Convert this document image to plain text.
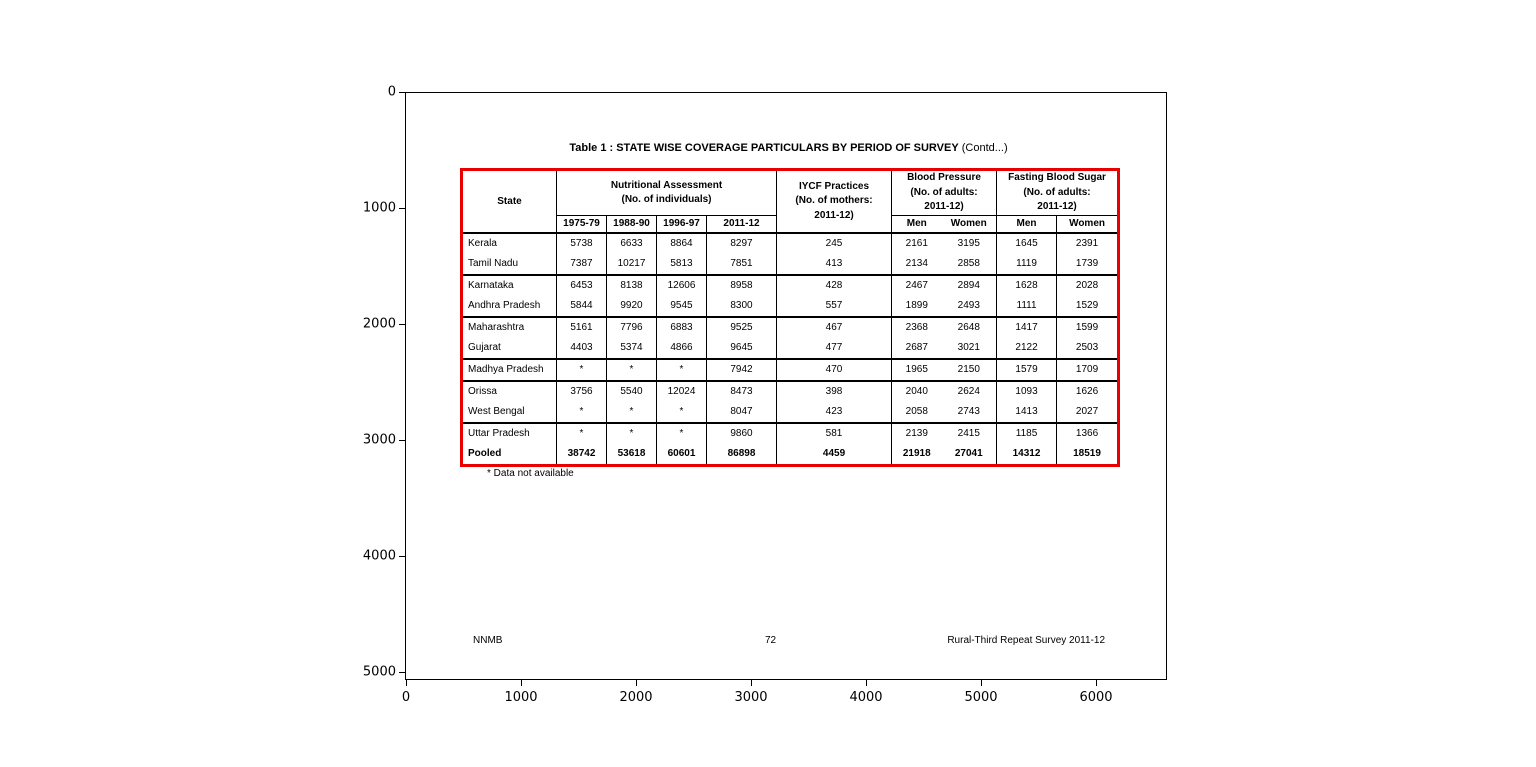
0
1000
2000
3000
4000
5000
0	1000	2000	3000	4000	5000	6000
Table 1 : STATE WISE COVERAGE PARTICULARS BY PERIOD OF SURVEY (Contd...)
State	
Nutritional Assessment
(No. of individuals)

IYCF Practices
(No. of mothers:
2011-12)

Blood Pressure
(No. of adults:
2011-12)

Fasting Blood Sugar
(No. of adults:
2011-12)

	1975-79	1988-90	1996-97	2011-12		Men	Women	Men	Women
Kerala	5738	6633	8864	8297	245	2161	3195	1645	2391
Tamil Nadu	7387	10217	5813	7851	413	2134	2858	1119	1739
Karnataka	6453	8138	12606	8958	428	2467	2894	1628	2028
Andhra Pradesh	5844	9920	9545	8300	557	1899	2493	1111	1529
Maharashtra	5161	7796	6883	9525	467	2368	2648	1417	1599
Gujarat	4403	5374	4866	9645	477	2687	3021	2122	2503
Madhya Pradesh	*	*	*	7942	470	1965	2150	1579	1709
Orissa	3756	5540	12024	8473	398	2040	2624	1093	1626
West Bengal	*	*	*	8047	423	2058	2743	1413	2027
Uttar Pradesh	*	*	*	9860	581	2139	2415	1185	1366
Pooled	38742	53618	60601	86898	4459	21918	27041	14312	18519
* Data not available
NNMB	72	Rural-Third Repeat Survey 2011-12
